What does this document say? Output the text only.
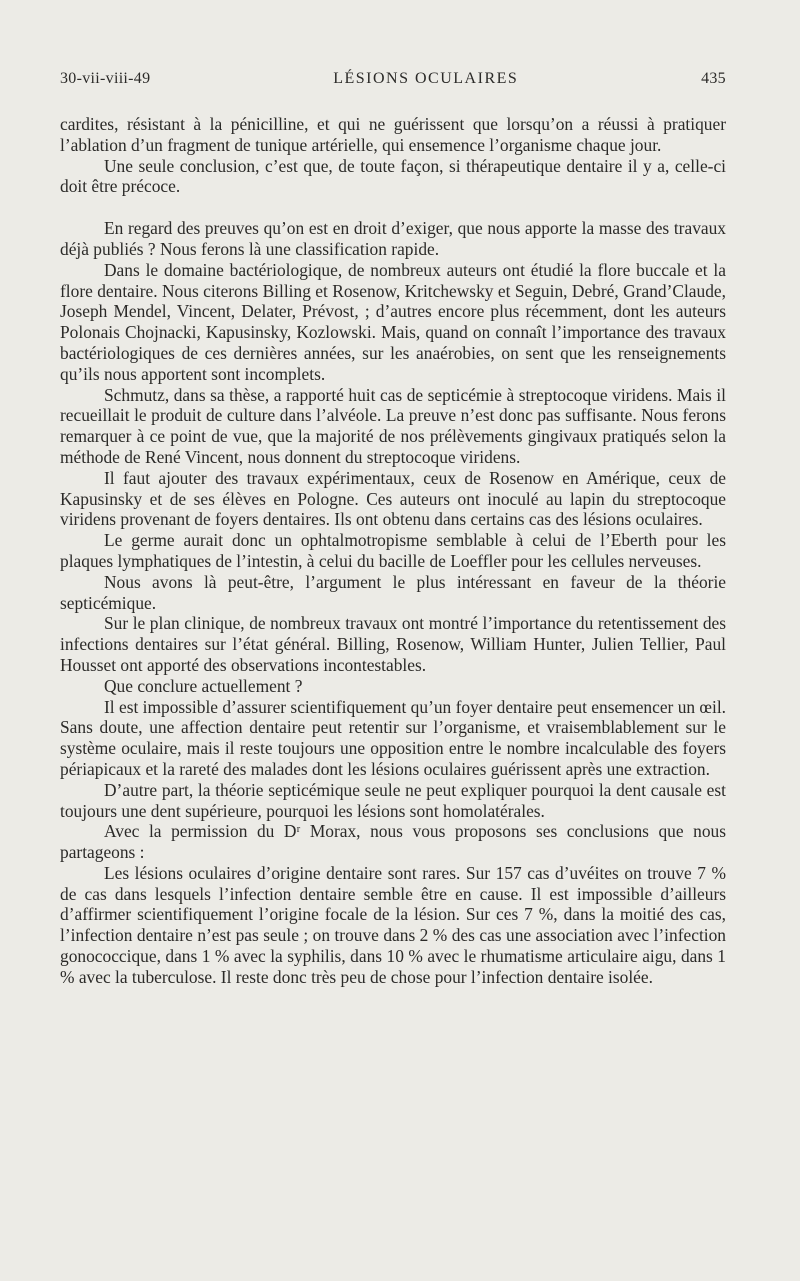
30-vii-viii-49	LÉSIONS OCULAIRES	435

cardites, résistant à la pénicilline, et qui ne guérissent que lorsqu’on a réussi à pratiquer l’ablation d’un fragment de tunique artérielle, qui ensemence l’organisme chaque jour.

Une seule conclusion, c’est que, de toute façon, si thérapeutique dentaire il y a, celle-ci doit être précoce.

En regard des preuves qu’on est en droit d’exiger, que nous apporte la masse des travaux déjà publiés ? Nous ferons là une classification rapide.

Dans le domaine bactériologique, de nombreux auteurs ont étudié la flore buccale et la flore dentaire. Nous citerons Billing et Rosenow, Kritchewsky et Seguin, Debré, Grand’Claude, Joseph Mendel, Vincent, Delater, Prévost, ; d’autres encore plus récemment, dont les auteurs Polonais Chojnacki, Kapusinsky, Kozlowski. Mais, quand on connaît l’importance des travaux bactériologiques de ces dernières années, sur les anaérobies, on sent que les renseignements qu’ils nous apportent sont incomplets.

Schmutz, dans sa thèse, a rapporté huit cas de septicémie à streptocoque viridens. Mais il recueillait le produit de culture dans l’alvéole. La preuve n’est donc pas suffisante. Nous ferons remarquer à ce point de vue, que la majorité de nos prélèvements gingivaux pratiqués selon la méthode de René Vincent, nous donnent du streptocoque viridens.

Il faut ajouter des travaux expérimentaux, ceux de Rosenow en Amérique, ceux de Kapusinsky et de ses élèves en Pologne. Ces auteurs ont inoculé au lapin du streptocoque viridens provenant de foyers dentaires. Ils ont obtenu dans certains cas des lésions oculaires.

Le germe aurait donc un ophtalmotropisme semblable à celui de l’Eberth pour les plaques lymphatiques de l’intestin, à celui du bacille de Loeffler pour les cellules nerveuses.

Nous avons là peut-être, l’argument le plus intéressant en faveur de la théorie septicémique.

Sur le plan clinique, de nombreux travaux ont montré l’importance du retentissement des infections dentaires sur l’état général. Billing, Rosenow, William Hunter, Julien Tellier, Paul Housset ont apporté des observations incontestables.

Que conclure actuellement ?

Il est impossible d’assurer scientifiquement qu’un foyer dentaire peut ensemencer un œil. Sans doute, une affection dentaire peut retentir sur l’organisme, et vraisemblablement sur le système oculaire, mais il reste toujours une opposition entre le nombre incalculable des foyers périapicaux et la rareté des malades dont les lésions oculaires guérissent après une extraction.

D’autre part, la théorie septicémique seule ne peut expliquer pourquoi la dent causale est toujours une dent supérieure, pourquoi les lésions sont homolatérales.

Avec la permission du Dʳ Morax, nous vous proposons ses conclusions que nous partageons :

Les lésions oculaires d’origine dentaire sont rares. Sur 157 cas d’uvéites on trouve 7 % de cas dans lesquels l’infection dentaire semble être en cause. Il est impossible d’ailleurs d’affirmer scientifiquement l’origine focale de la lésion. Sur ces 7 %, dans la moitié des cas, l’infection dentaire n’est pas seule ; on trouve dans 2 % des cas une association avec l’infection gonococcique, dans 1 % avec la syphilis, dans 10 % avec le rhumatisme articulaire aigu, dans 1 % avec la tuberculose. Il reste donc très peu de chose pour l’infection dentaire isolée.
